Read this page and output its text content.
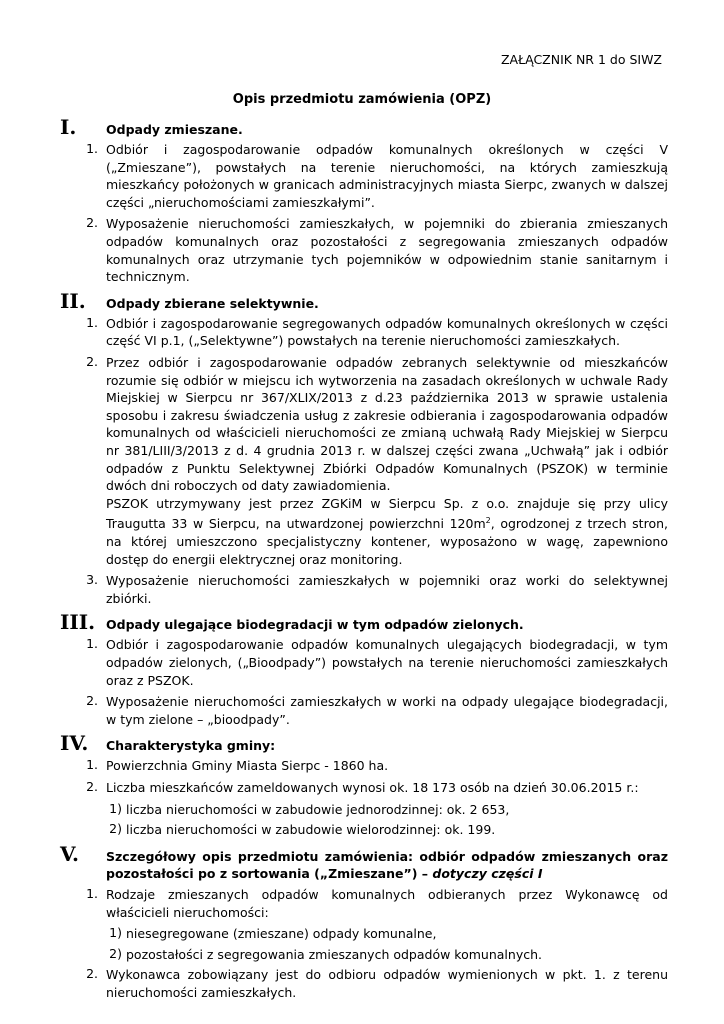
ZAŁĄCZNIK NR 1 do SIWZ
Opis przedmiotu zamówienia (OPZ)
I.	Odpady zmieszane.
1. Odbiór i zagospodarowanie odpadów komunalnych określonych w części V („Zmieszane”), powstałych na terenie nieruchomości, na których zamieszkują mieszkańcy położonych w granicach administracyjnych miasta Sierpc, zwanych w dalszej części „nieruchomościami zamieszkałymi”.
2. Wyposażenie nieruchomości zamieszkałych, w pojemniki do zbierania zmieszanych odpadów komunalnych oraz pozostałości z segregowania zmieszanych odpadów komunalnych oraz utrzymanie tych pojemników w odpowiednim stanie sanitarnym i technicznym.
II.	Odpady zbierane selektywnie.
1. Odbiór i zagospodarowanie segregowanych odpadów komunalnych określonych w części część VI p.1, („Selektywne”) powstałych na terenie nieruchomości zamieszkałych.
2. Przez odbiór i zagospodarowanie odpadów zebranych selektywnie od mieszkańców rozumie się odbiór w miejscu ich wytworzenia na zasadach określonych w uchwale Rady Miejskiej w Sierpcu nr 367/XLIX/2013 z d.23 października 2013 w sprawie ustalenia sposobu i zakresu świadczenia usług z zakresie odbierania i zagospodarowania odpadów komunalnych od właścicieli nieruchomości ze zmianą uchwałą Rady Miejskiej w Sierpcu nr 381/LIII/3/2013 z d. 4 grudnia 2013 r. w dalszej części zwana „Uchwałą” jak i odbiór odpadów z Punktu Selektywnej Zbiórki Odpadów Komunalnych (PSZOK) w terminie dwóch dni roboczych od daty zawiadomienia.
PSZOK utrzymywany jest przez ZGKiM w Sierpcu Sp. z o.o. znajduje się przy ulicy Traugutta 33 w Sierpcu, na utwardzonej powierzchni $120m^2$, ogrodzonej z trzech stron, na której umieszczono specjalistyczny kontener, wyposażono w wagę, zapewniono dostęp do energii elektrycznej oraz monitoring.
3. Wyposażenie nieruchomości zamieszkałych w pojemniki oraz worki do selektywnej zbiórki.
III. Odpady ulegające biodegradacji w tym odpadów zielonych.
1. Odbiór i zagospodarowanie odpadów komunalnych ulegających biodegradacji, w tym odpadów zielonych, („Bioodpady”) powstałych na terenie nieruchomości zamieszkałych oraz z PSZOK.
2. Wyposażenie nieruchomości zamieszkałych w worki na odpady ulegające biodegradacji, w tym zielone – „bioodpady”.
IV.	Charakterystyka gminy:
1. Powierzchnia Gminy Miasta Sierpc - 1860 ha.
2. Liczba mieszkańców zameldowanych wynosi ok. 18 173 osób na dzień 30.06.2015 r.:
1) liczba nieruchomości w zabudowie jednorodzinnej: ok. 2 653,
2) liczba nieruchomości w zabudowie wielorodzinnej: ok. 199.
V.	Szczegółowy opis przedmiotu zamówienia: odbiór odpadów zmieszanych oraz pozostałości po z sortowania („Zmieszane”) – dotyczy części I
1. Rodzaje zmieszanych odpadów komunalnych odbieranych przez Wykonawcę od właścicieli nieruchomości:
1) niesegregowane (zmieszane) odpady komunalne,
2) pozostałości z segregowania zmieszanych odpadów komunalnych.
2. Wykonawca zobowiązany jest do odbioru odpadów wymienionych w pkt. 1. z terenu nieruchomości zamieszkałych.
